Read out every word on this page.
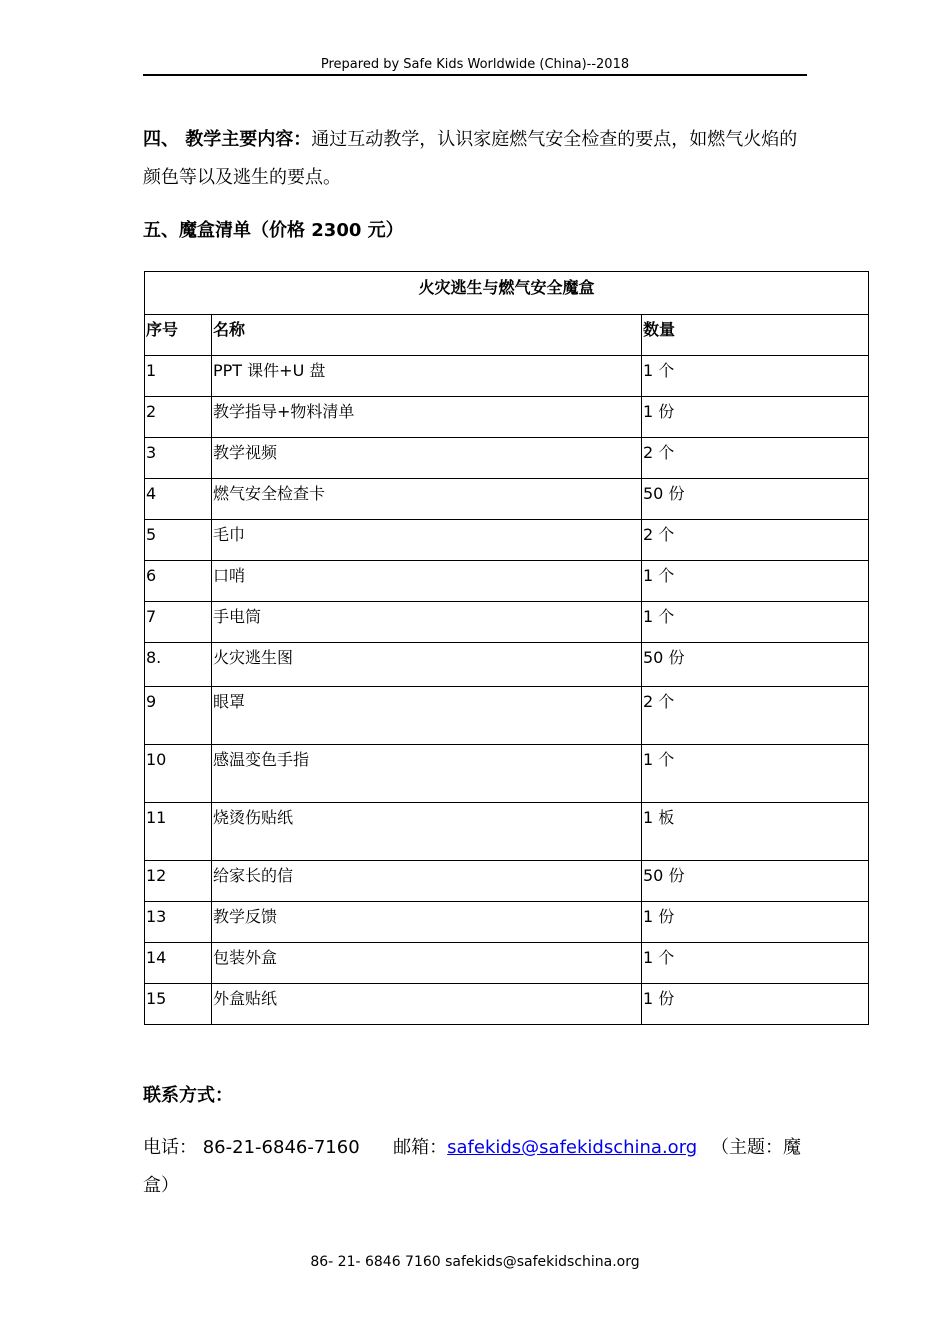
Prepared by Safe Kids Worldwide (China)--2018
四、 教学主要内容：通过互动教学，认识家庭燃气安全检查的要点，如燃气火焰的颜色等以及逃生的要点。
五、魔盒清单（价格 2300 元）
火灾逃生与燃气安全魔盒		
序号	名称	数量
1	PPT 课件+U 盘	1 个
2	教学指导+物料清单	1 份
3	教学视频	2 个
4	燃气安全检查卡	50 份
5	毛巾	2 个
6	口哨	1 个
7	手电筒	1 个
8.	火灾逃生图	50 份
9	眼罩	2 个
10	感温变色手指	1 个
11	烧烫伤贴纸	1 板
12	给家长的信	50 份
13	教学反馈	1 份
14	包装外盒	1 个
15	外盒贴纸	1 份
联系方式：
电话： 86-21-6846-7160 邮箱：safekids@safekidschina.org （主题：魔盒）
86- 21- 6846 7160 safekids@safekidschina.org
